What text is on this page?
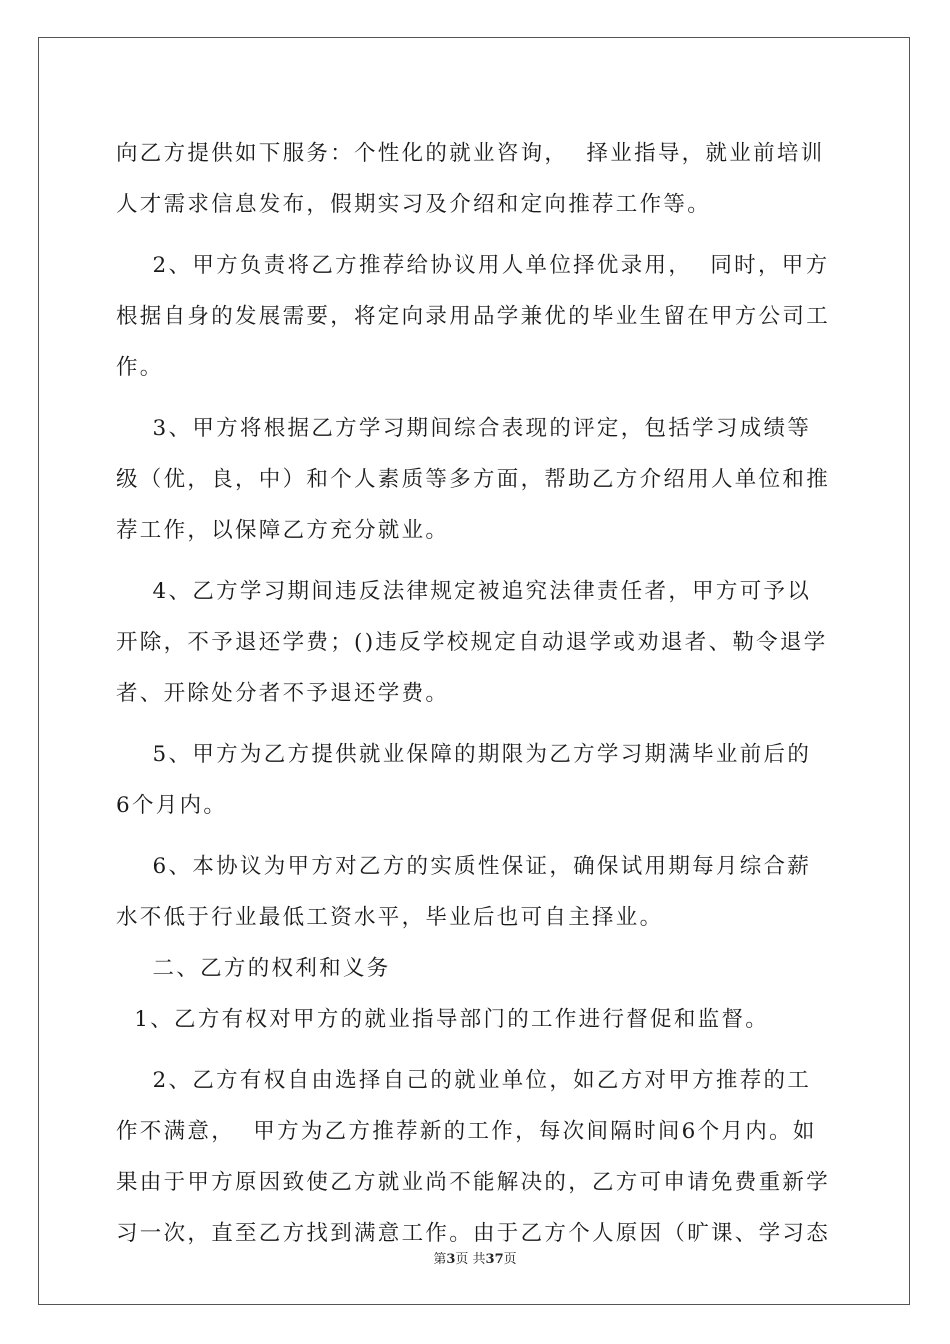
向乙方提供如下服务：个性化的就业咨询，  择业指导，就业前培训
人才需求信息发布，假期实习及介绍和定向推荐工作等。
2、甲方负责将乙方推荐给协议用人单位择优录用，  同时，甲方
根据自身的发展需要，将定向录用品学兼优的毕业生留在甲方公司工
作。
3、甲方将根据乙方学习期间综合表现的评定，包括学习成绩等
级（优，良，中）和个人素质等多方面，帮助乙方介绍用人单位和推
荐工作，以保障乙方充分就业。
4、乙方学习期间违反法律规定被追究法律责任者，甲方可予以
开除，不予退还学费；()违反学校规定自动退学或劝退者、勒令退学
者、开除处分者不予退还学费。
5、甲方为乙方提供就业保障的期限为乙方学习期满毕业前后的
6个月内。
6、本协议为甲方对乙方的实质性保证，确保试用期每月综合薪
水不低于行业最低工资水平，毕业后也可自主择业。
二、乙方的权利和义务
1、乙方有权对甲方的就业指导部门的工作进行督促和监督。
2、乙方有权自由选择自己的就业单位，如乙方对甲方推荐的工
作不满意，  甲方为乙方推荐新的工作，每次间隔时间6个月内。如
果由于甲方原因致使乙方就业尚不能解决的，乙方可申请免费重新学
习一次，直至乙方找到满意工作。由于乙方个人原因（旷课、学习态
第3页 共37页
